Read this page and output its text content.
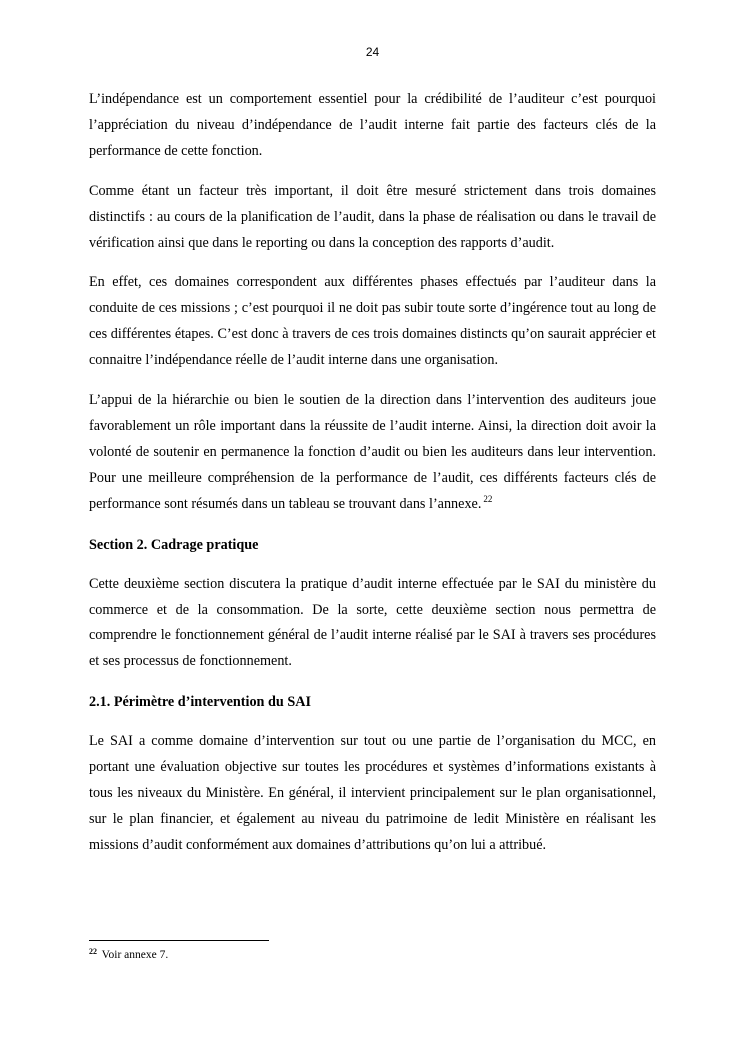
24

L’indépendance est un comportement essentiel pour la crédibilité de l’auditeur c’est pourquoi l’appréciation du niveau d’indépendance de l’audit interne fait partie des facteurs clés de la performance de cette fonction.

Comme étant un facteur très important, il doit être mesuré strictement dans trois domaines distinctifs : au cours de la planification de l’audit, dans la phase de réalisation ou dans le travail de vérification ainsi que dans le reporting ou dans la conception des rapports d’audit.

En effet, ces domaines correspondent aux différentes phases effectués par l’auditeur dans la conduite de ces missions ; c’est pourquoi il ne doit pas subir toute sorte d’ingérence tout au long de ces différentes étapes. C’est donc à travers de ces trois domaines distincts qu’on saurait apprécier et connaitre l’indépendance réelle de l’audit interne dans une organisation.

L’appui de la hiérarchie ou bien le soutien de la direction dans l’intervention des auditeurs joue favorablement un rôle important dans la réussite de l’audit interne. Ainsi, la direction doit avoir la volonté de soutenir en permanence la fonction d’audit ou bien les auditeurs dans leur intervention. Pour une meilleure compréhension de la performance de l’audit, ces différents facteurs clés de performance sont résumés dans un tableau se trouvant dans l’annexe. $^{22}$

Section 2. Cadrage pratique

Cette deuxième section discutera la pratique d’audit interne effectuée par le SAI du ministère du commerce et de la consommation. De la sorte, cette deuxième section nous permettra de comprendre le fonctionnement général de l’audit interne réalisé par le SAI à travers ses procédures et ses processus de fonctionnement.

2.1. Périmètre d’intervention du SAI

Le SAI a comme domaine d’intervention sur tout ou une partie de l’organisation du MCC, en portant une évaluation objective sur toutes les procédures et systèmes d’informations existants à tous les niveaux du Ministère. En général, il intervient principalement sur le plan organisationnel, sur le plan financier, et également au niveau du patrimoine de ledit Ministère en réalisant les missions d’audit conformément aux domaines d’attributions qu’on lui a attribué.

$^{22}$ Voir annexe 7.
